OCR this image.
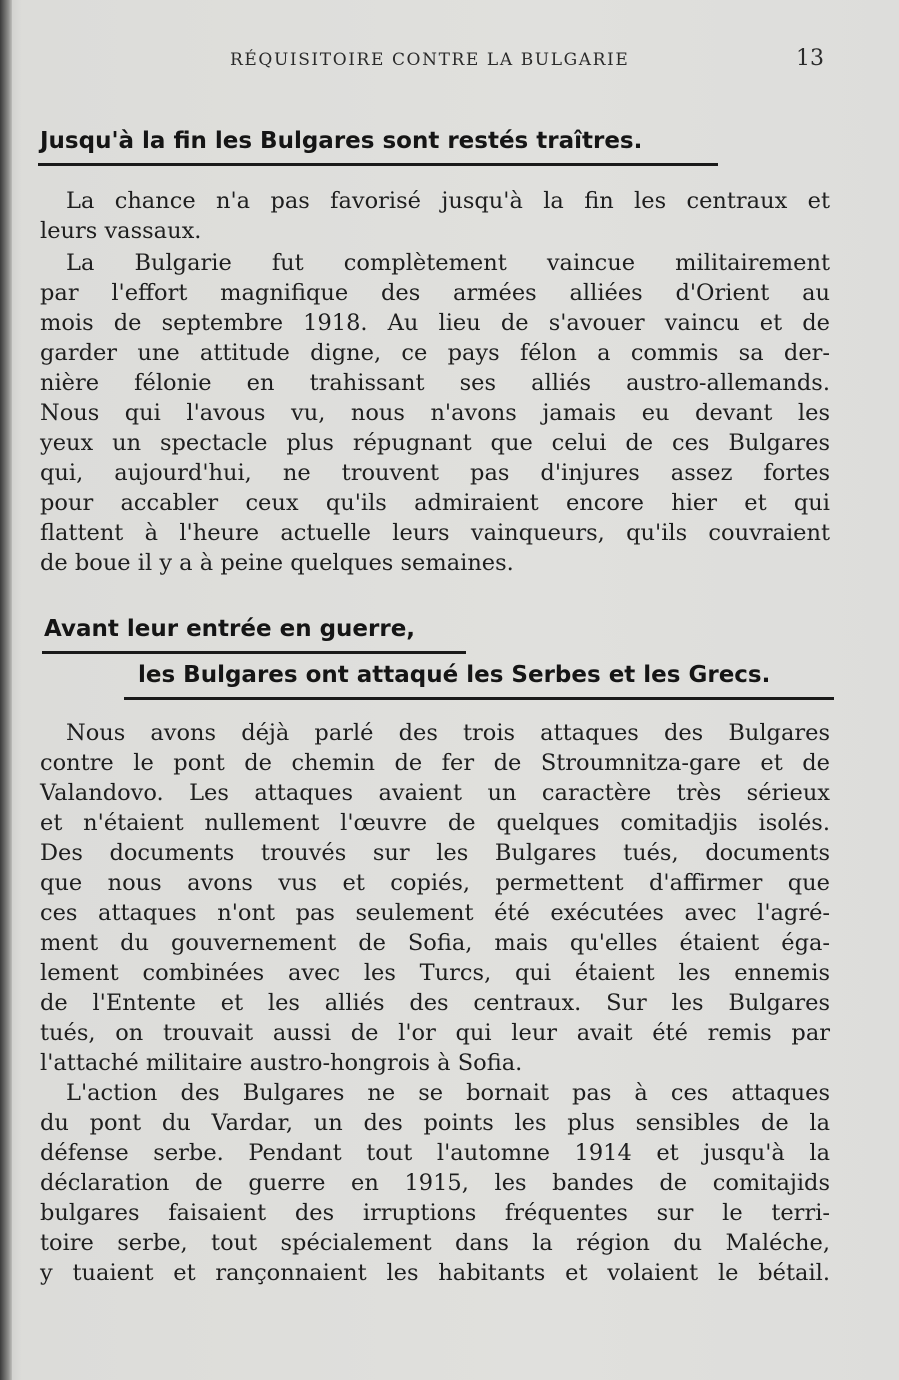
RÉQUISITOIRE CONTRE LA BULGARIE	13
Jusqu'à la fin les Bulgares sont restés traîtres.
La chance n'a pas favorisé jusqu'à la fin les centraux et
leurs vassaux.
La Bulgarie fut complètement vaincue militairement
par l'effort magnifique des armées alliées d'Orient au
mois de septembre 1918. Au lieu de s'avouer vaincu et de
garder une attitude digne, ce pays félon a commis sa der-
nière félonie en trahissant ses alliés austro-allemands.
Nous qui l'avous vu, nous n'avons jamais eu devant les
yeux un spectacle plus répugnant que celui de ces Bulgares
qui, aujourd'hui, ne trouvent pas d'injures assez fortes
pour accabler ceux qu'ils admiraient encore hier et qui
flattent à l'heure actuelle leurs vainqueurs, qu'ils couvraient
de boue il y a à peine quelques semaines.
Avant leur entrée en guerre,
les Bulgares ont attaqué les Serbes et les Grecs.
Nous avons déjà parlé des trois attaques des Bulgares
contre le pont de chemin de fer de Stroumnitza-gare et de
Valandovo. Les attaques avaient un caractère très sérieux
et n'étaient nullement l'œuvre de quelques comitadjis isolés.
Des documents trouvés sur les Bulgares tués, documents
que nous avons vus et copiés, permettent d'affirmer que
ces attaques n'ont pas seulement été exécutées avec l'agré-
ment du gouvernement de Sofia, mais qu'elles étaient éga-
lement combinées avec les Turcs, qui étaient les ennemis
de l'Entente et les alliés des centraux. Sur les Bulgares
tués, on trouvait aussi de l'or qui leur avait été remis par
l'attaché militaire austro-hongrois à Sofia.
L'action des Bulgares ne se bornait pas à ces attaques
du pont du Vardar, un des points les plus sensibles de la
défense serbe. Pendant tout l'automne 1914 et jusqu'à la
déclaration de guerre en 1915, les bandes de comitajids
bulgares faisaient des irruptions fréquentes sur le terri-
toire serbe, tout spécialement dans la région du Maléche,
y tuaient et rançonnaient les habitants et volaient le bétail.
